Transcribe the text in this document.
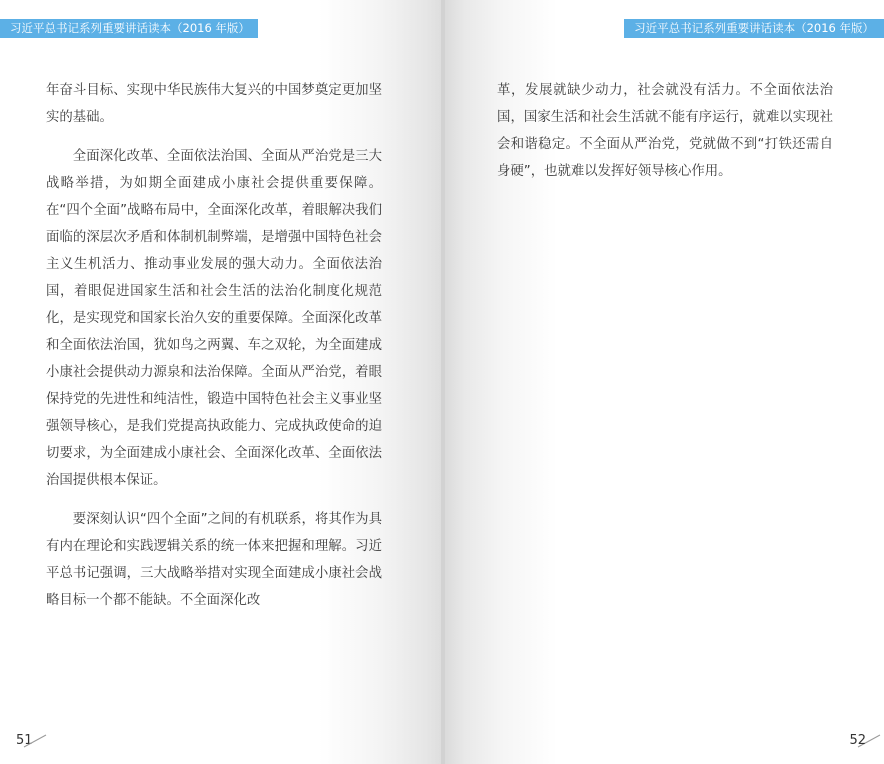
习近平总书记系列重要讲话读本（2016 年版）

年奋斗目标、实现中华民族伟大复兴的中国梦奠定更加坚实的基础。

全面深化改革、全面依法治国、全面从严治党是三大战略举措，为如期全面建成小康社会提供重要保障。在“四个全面”战略布局中，全面深化改革，着眼解决我们面临的深层次矛盾和体制机制弊端，是增强中国特色社会主义生机活力、推动事业发展的强大动力。全面依法治国，着眼促进国家生活和社会生活的法治化制度化规范化，是实现党和国家长治久安的重要保障。全面深化改革和全面依法治国，犹如鸟之两翼、车之双轮，为全面建成小康社会提供动力源泉和法治保障。全面从严治党，着眼保持党的先进性和纯洁性，锻造中国特色社会主义事业坚强领导核心，是我们党提高执政能力、完成执政使命的迫切要求，为全面建成小康社会、全面深化改革、全面依法治国提供根本保证。

要深刻认识“四个全面”之间的有机联系，将其作为具有内在理论和实践逻辑关系的统一体来把握和理解。习近平总书记强调，三大战略举措对实现全面建成小康社会战略目标一个都不能缺。不全面深化改

51
习近平总书记系列重要讲话读本（2016 年版）

革，发展就缺少动力，社会就没有活力。不全面依法治国，国家生活和社会生活就不能有序运行，就难以实现社会和谐稳定。不全面从严治党，党就做不到“打铁还需自身硬”，也就难以发挥好领导核心作用。

52
